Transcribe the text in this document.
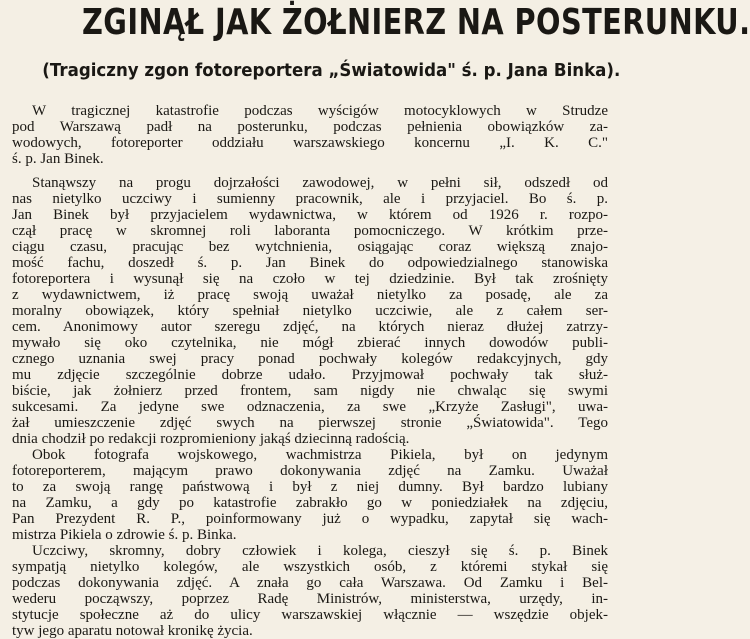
ZGINĄŁ JAK ŻOŁNIERZ NA POSTERUNKU.
(Tragiczny zgon fotoreportera „Światowida" ś. p. Jana Binka).

W tragicznej katastrofie podczas wyścigów motocyklowych w Strudze
pod Warszawą padł na posterunku, podczas pełnienia obowiązków za-
wodowych, fotoreporter oddziału warszawskiego koncernu „I. K. C."
ś. p. Jan Binek.

Stanąwszy na progu dojrzałości zawodowej, w pełni sił, odszedł od
nas nietylko uczciwy i sumienny pracownik, ale i przyjaciel. Bo ś. p.
Jan Binek był przyjacielem wydawnictwa, w którem od 1926 r. rozpo-
czął pracę w skromnej roli laboranta pomocniczego. W krótkim prze-
ciągu czasu, pracując bez wytchnienia, osiągając coraz większą znajo-
mość fachu, doszedł ś. p. Jan Binek do odpowiedzialnego stanowiska
fotoreportera i wysunął się na czoło w tej dziedzinie. Był tak zrośnięty
z wydawnictwem, iż pracę swoją uważał nietylko za posadę, ale za
moralny obowiązek, który spełniał nietylko uczciwie, ale z całem ser-
cem. Anonimowy autor szeregu zdjęć, na których nieraz dłużej zatrzy-
mywało się oko czytelnika, nie mógł zbierać innych dowodów publi-
cznego uznania swej pracy ponad pochwały kolegów redakcyjnych, gdy
mu zdjęcie szczególnie dobrze udało. Przyjmował pochwały tak służ-
biście, jak żołnierz przed frontem, sam nigdy nie chwaląc się swymi
sukcesami. Za jedyne swe odznaczenia, za swe „Krzyże Zasługi", uwa-
żał umieszczenie zdjęć swych na pierwszej stronie „Światowida". Tego
dnia chodził po redakcji rozpromieniony jakąś dziecinną radością.

Obok fotografa wojskowego, wachmistrza Pikiela, był on jedynym
fotoreporterem, mającym prawo dokonywania zdjęć na Zamku. Uważał
to za swoją rangę państwową i był z niej dumny. Był bardzo lubiany
na Zamku, a gdy po katastrofie zabrakło go w poniedziałek na zdjęciu,
Pan Prezydent R. P., poinformowany już o wypadku, zapytał się wach-
mistrza Pikiela o zdrowie ś. p. Binka.

Uczciwy, skromny, dobry człowiek i kolega, cieszył się ś. p. Binek
sympatją nietylko kolegów, ale wszystkich osób, z któremi stykał się
podczas dokonywania zdjęć. A znała go cała Warszawa. Od Zamku i Bel-
wederu począwszy, poprzez Radę Ministrów, ministerstwa, urzędy, in-
stytucje społeczne aż do ulicy warszawskiej włącznie — wszędzie objek-
tyw jego aparatu notował kronikę życia.
